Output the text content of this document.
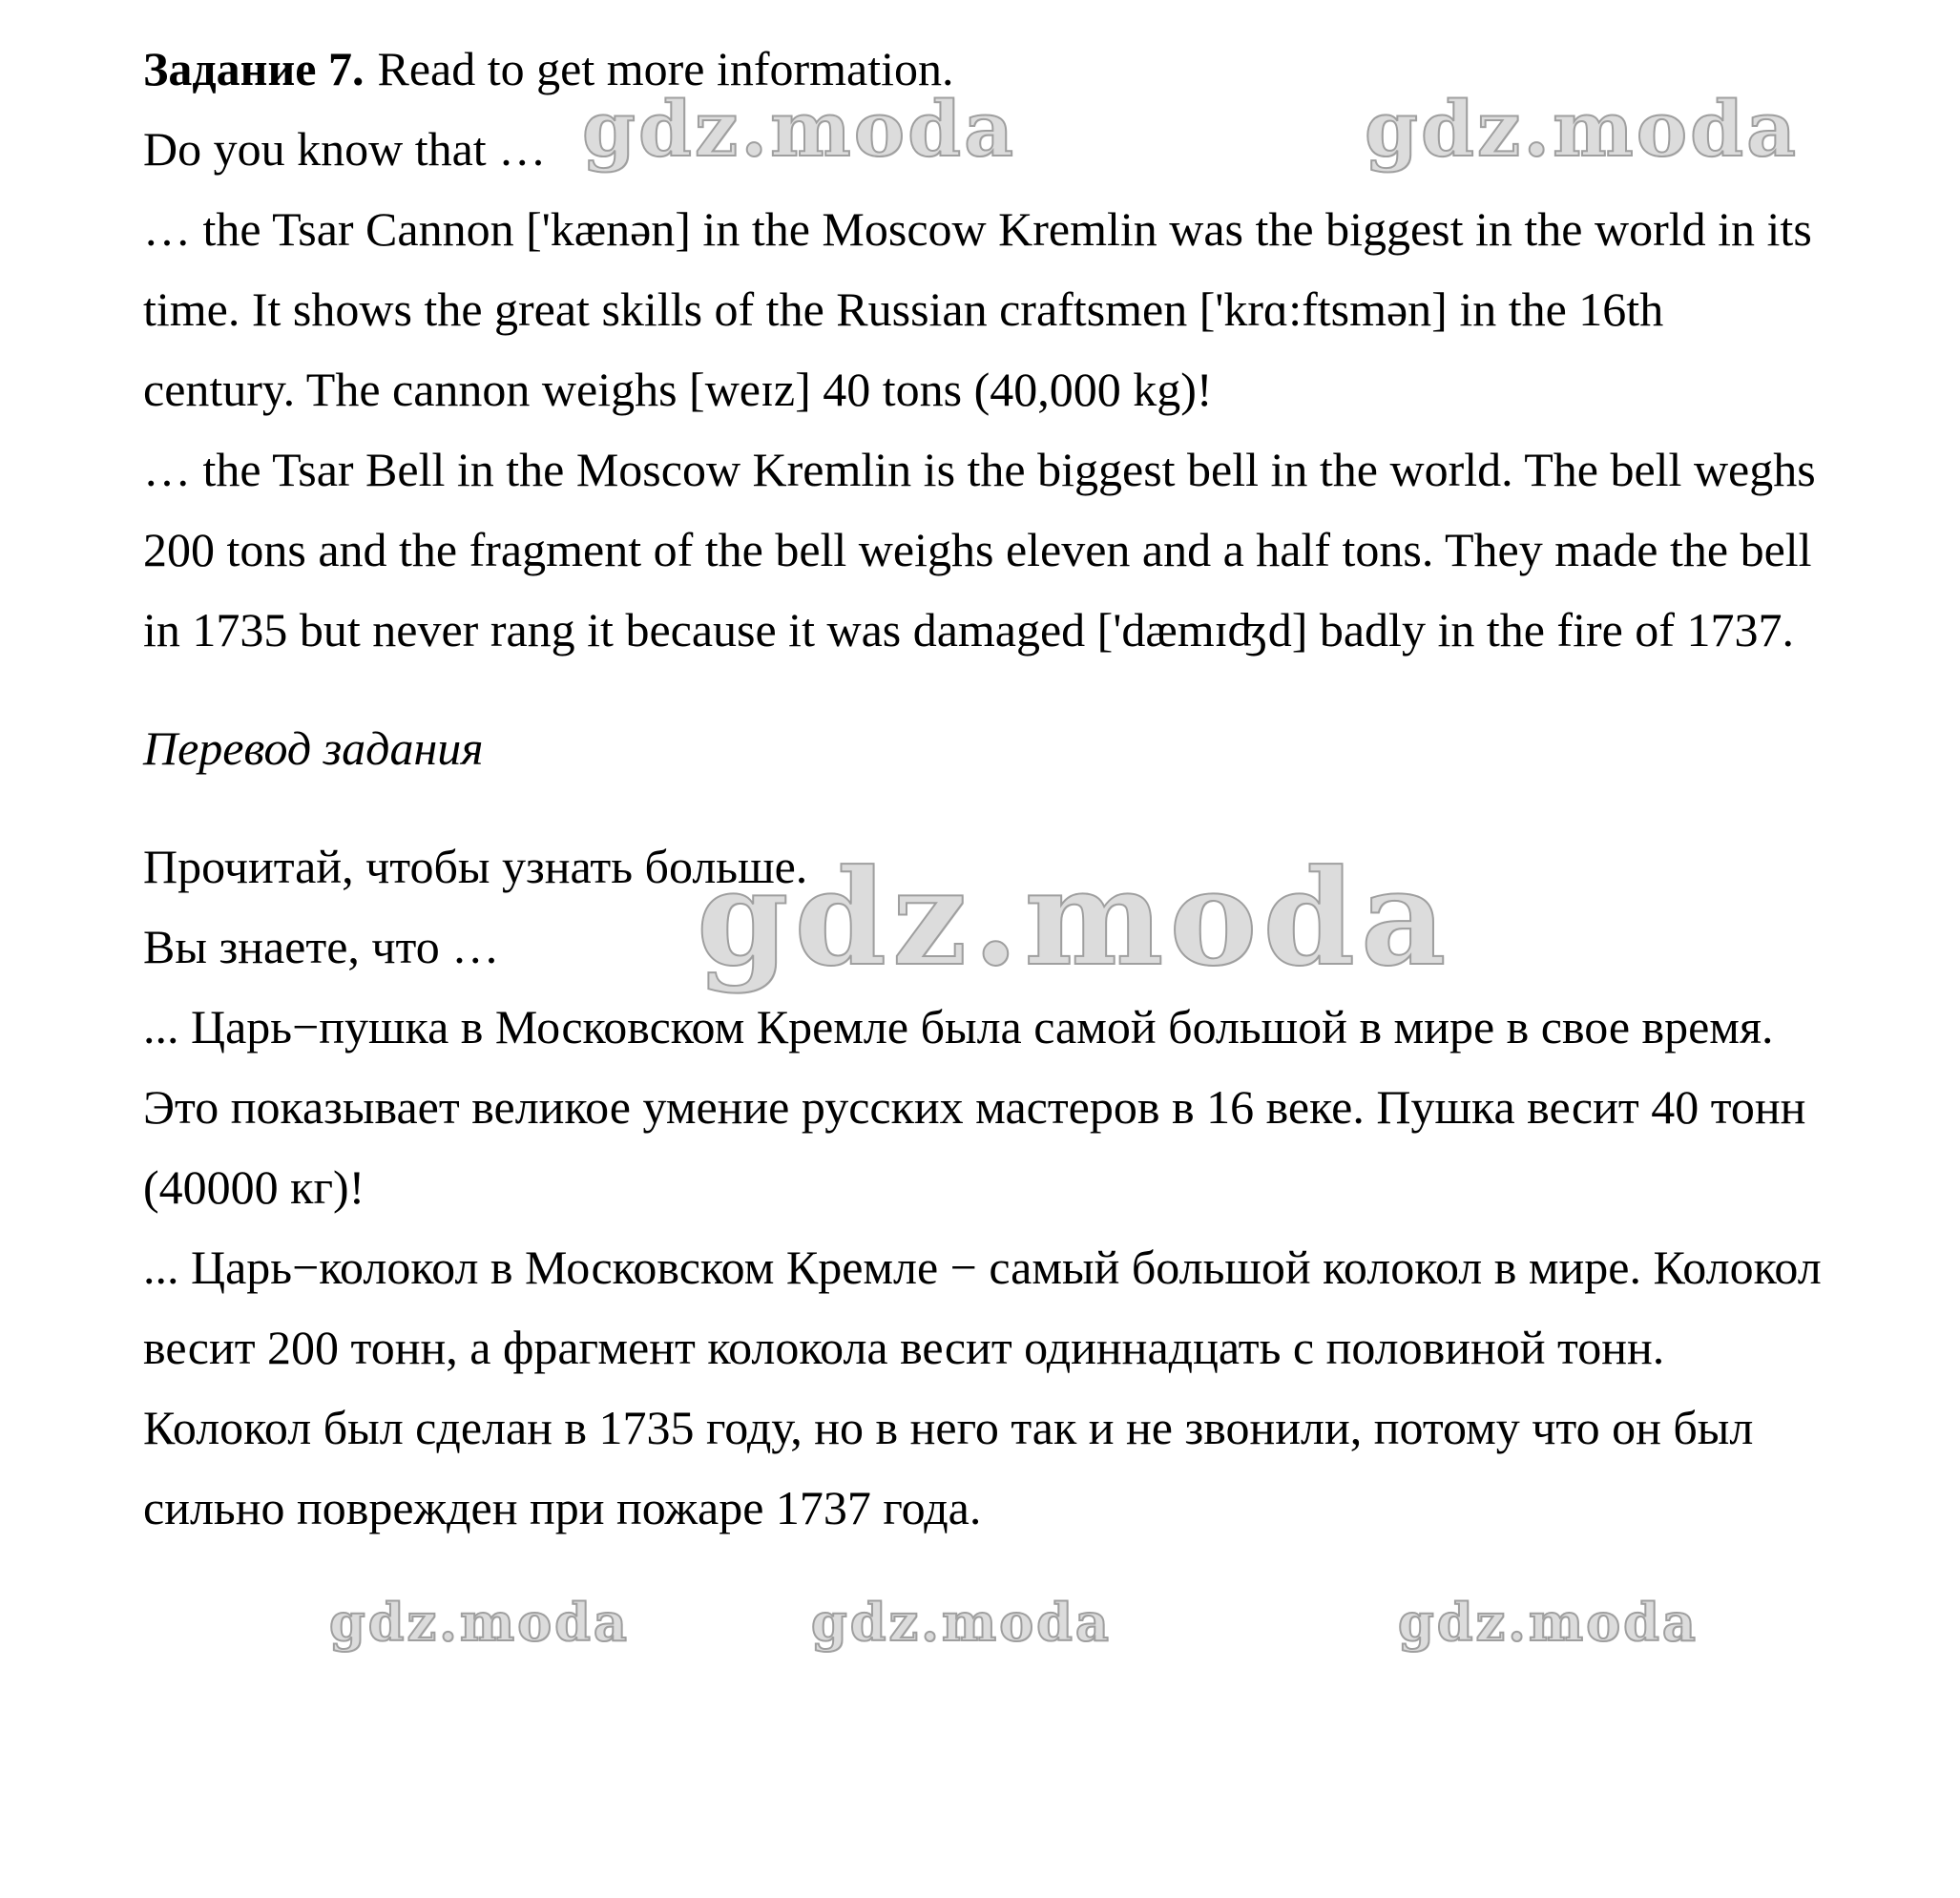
gdz.moda	gdz.moda
gdz.moda
gdz.moda	gdz.moda	gdz.moda

Задание 7. Read to get more information.

Do you know that …

… the Tsar Cannon ['kænən] in the Moscow Kremlin was the biggest in the world in its time. It shows the great skills of the Russian craftsmen ['krɑ:ftsmən] in the 16th century. The cannon weighs [weɪz] 40 tons (40,000 kg)!

… the Tsar Bell in the Moscow Kremlin is the biggest bell in the world. The bell weghs 200 tons and the fragment of the bell weighs eleven and a half tons. They made the bell in 1735 but never rang it because it was damaged ['dæmɪʤd] badly in the fire of 1737.

Перевод задания

Прочитай, чтобы узнать больше.

Вы знаете, что …

... Царь−пушка в Московском Кремле была самой большой в мире в свое время. Это показывает великое умение русских мастеров в 16 веке. Пушка весит 40 тонн (40000 кг)!

... Царь−колокол в Московском Кремле − самый большой колокол в мире. Колокол весит 200 тонн, а фрагмент колокола весит одиннадцать с половиной тонн. Колокол был сделан в 1735 году, но в него так и не звонили, потому что он был сильно поврежден при пожаре 1737 года.
